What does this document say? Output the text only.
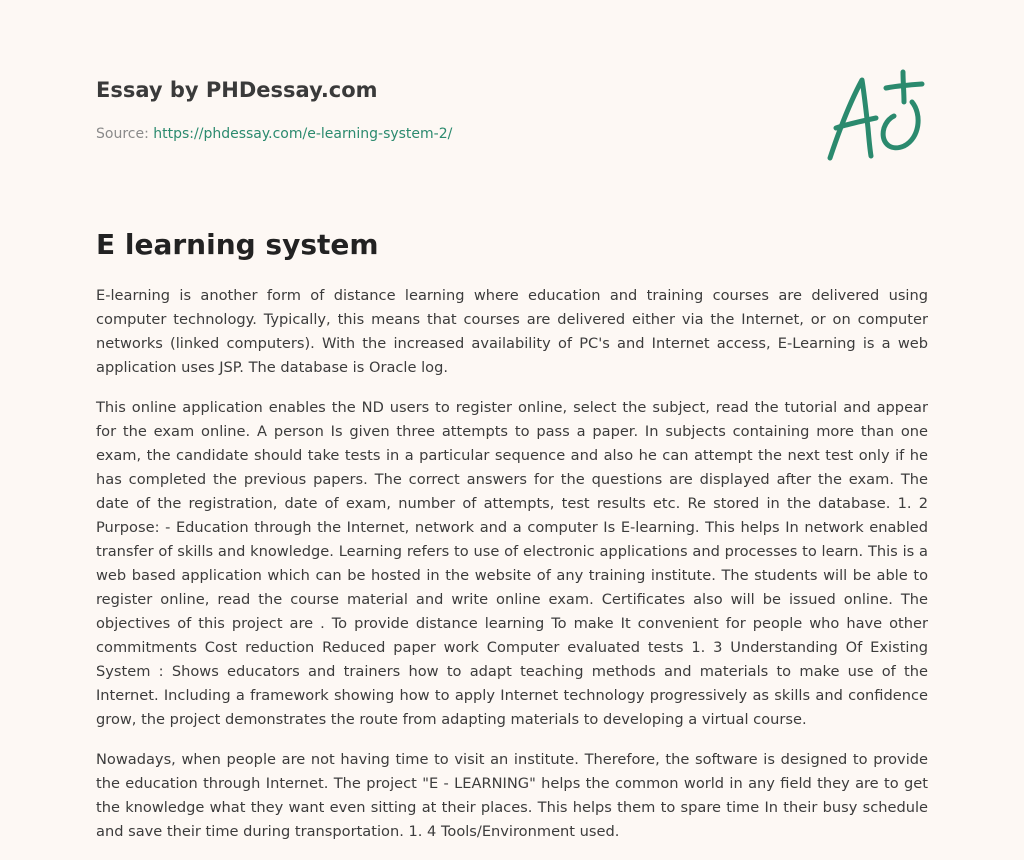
Essay by PHDessay.com
Source: https://phdessay.com/e-learning-system-2/
E learning system

E-learning is another form of distance learning where education and training courses are delivered using computer technology. Typically, this means that courses are delivered either via the Internet, or on computer networks (linked computers). With the increased availability of PC's and Internet access, E-Learning is a web application uses JSP. The database is Oracle log.

This online application enables the ND users to register online, select the subject, read the tutorial and appear for the exam online. A person Is given three attempts to pass a paper. In subjects containing more than one exam, the candidate should take tests in a particular sequence and also he can attempt the next test only if he has completed the previous papers. The correct answers for the questions are displayed after the exam. The date of the registration, date of exam, number of attempts, test results etc. Re stored in the database. 1. 2 Purpose: - Education through the Internet, network and a computer Is E-learning. This helps In network enabled transfer of skills and knowledge. Learning refers to use of electronic applications and processes to learn. This is a web based application which can be hosted in the website of any training institute. The students will be able to register online, read the course material and write online exam. Certificates also will be issued online. The objectives of this project are . To provide distance learning To make It convenient for people who have other commitments Cost reduction Reduced paper work Computer evaluated tests 1. 3 Understanding Of Existing System : Shows educators and trainers how to adapt teaching methods and materials to make use of the Internet. Including a framework showing how to apply Internet technology progressively as skills and confidence grow, the project demonstrates the route from adapting materials to developing a virtual course.

Nowadays, when people are not having time to visit an institute. Therefore, the software is designed to provide the education through Internet. The project "E - LEARNING" helps the common world in any field they are to get the knowledge what they want even sitting at their places. This helps them to spare time In their busy schedule and save their time during transportation. 1. 4 Tools/Environment used.
